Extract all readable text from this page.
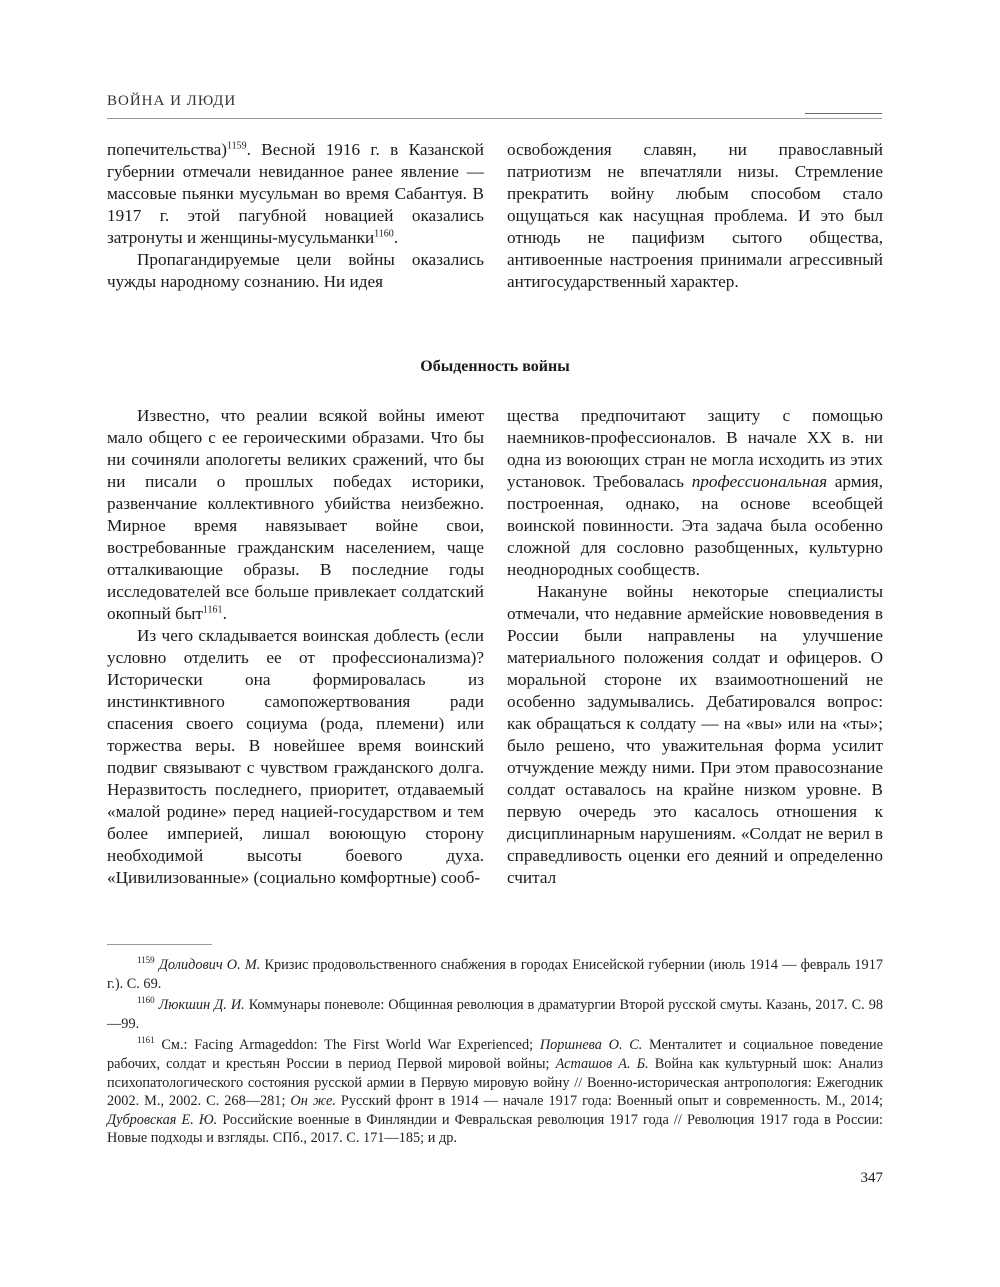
ВОЙНА И ЛЮДИ

попечительства)$^{1159}$. Весной 1916 г. в Казанской губернии отмечали невиданное ранее явление — массовые пьянки мусульман во время Сабантуя. В 1917 г. этой пагубной новацией оказались затронуты и женщины-мусульманки$^{1160}$.

Пропагандируемые цели войны оказались чужды народному сознанию. Ни идея

освобождения славян, ни православный патриотизм не впечатляли низы. Стремление прекратить войну любым способом стало ощущаться как насущная проблема. И это был отнюдь не пацифизм сытого общества, антивоенные настроения принимали агрессивный антигосударственный характер.

Обыденность войны

Известно, что реалии всякой войны имеют мало общего с ее героическими образами. Что бы ни сочиняли апологеты великих сражений, что бы ни писали о прошлых победах историки, развенчание коллективного убийства неизбежно. Мирное время навязывает войне свои, востребованные гражданским населением, чаще отталкивающие образы. В последние годы исследователей все больше привлекает солдатский окопный быт$^{1161}$.

Из чего складывается воинская доблесть (если условно отделить ее от профессионализма)? Исторически она формировалась из инстинктивного самопожертвования ради спасения своего социума (рода, племени) или торжества веры. В новейшее время воинский подвиг связывают с чувством гражданского долга. Неразвитость последнего, приоритет, отдаваемый «малой родине» перед нацией-государством и тем более империей, лишал воюющую сторону необходимой высоты боевого духа. «Цивилизованные» (социально комфортные) сооб-

щества предпочитают защиту с помощью наемников-профессионалов. В начале XX в. ни одна из воюющих стран не могла исходить из этих установок. Требовалась профессиональная армия, построенная, однако, на основе всеобщей воинской повинности. Эта задача была особенно сложной для сословно разобщенных, культурно неоднородных сообществ.

Накануне войны некоторые специалисты отмечали, что недавние армейские нововведения в России были направлены на улучшение материального положения солдат и офицеров. О моральной стороне их взаимоотношений не особенно задумывались. Дебатировался вопрос: как обращаться к солдату — на «вы» или на «ты»; было решено, что уважительная форма усилит отчуждение между ними. При этом правосознание солдат оставалось на крайне низком уровне. В первую очередь это касалось отношения к дисциплинарным нарушениям. «Солдат не верил в справедливость оценки его деяний и определенно считал

$^{1159}$ Долидович О. М. Кризис продовольственного снабжения в городах Енисейской губернии (июль 1914 — февраль 1917 г.). С. 69.

$^{1160}$ Люкшин Д. И. Коммунары поневоле: Общинная революция в драматургии Второй русской смуты. Казань, 2017. С. 98—99.

$^{1161}$ См.: Facing Armageddon: The First World War Experienced; Поршнева О. С. Менталитет и социальное поведение рабочих, солдат и крестьян России в период Первой мировой войны; Асташов А. Б. Война как культурный шок: Анализ психопатологического состояния русской армии в Первую мировую войну // Военно-историческая антропология: Ежегодник 2002. М., 2002. С. 268—281; Он же. Русский фронт в 1914 — начале 1917 года: Военный опыт и современность. М., 2014; Дубровская Е. Ю. Российские военные в Финляндии и Февральская революция 1917 года // Революция 1917 года в России: Новые подходы и взгляды. СПб., 2017. С. 171—185; и др.

347
